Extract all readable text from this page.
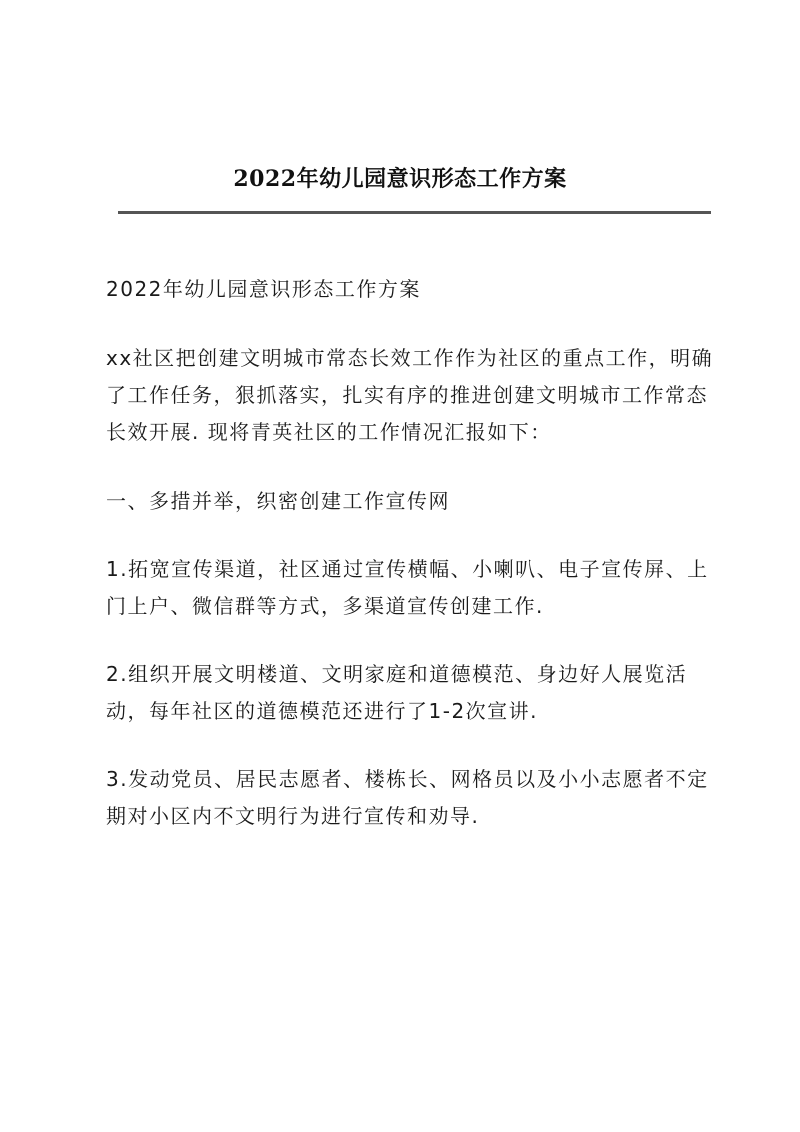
2022年幼儿园意识形态工作方案

2022年幼儿园意识形态工作方案

xx社区把创建文明城市常态长效工作作为社区的重点工作，明确了工作任务，狠抓落实，扎实有序的推进创建文明城市工作常态长效开展. 现将青英社区的工作情况汇报如下：

一、多措并举，织密创建工作宣传网

1.拓宽宣传渠道，社区通过宣传横幅、小喇叭、电子宣传屏、上门上户、微信群等方式，多渠道宣传创建工作.

2.组织开展文明楼道、文明家庭和道德模范、身边好人展览活动，每年社区的道德模范还进行了1-2次宣讲.

3.发动党员、居民志愿者、楼栋长、网格员以及小小志愿者不定期对小区内不文明行为进行宣传和劝导.
